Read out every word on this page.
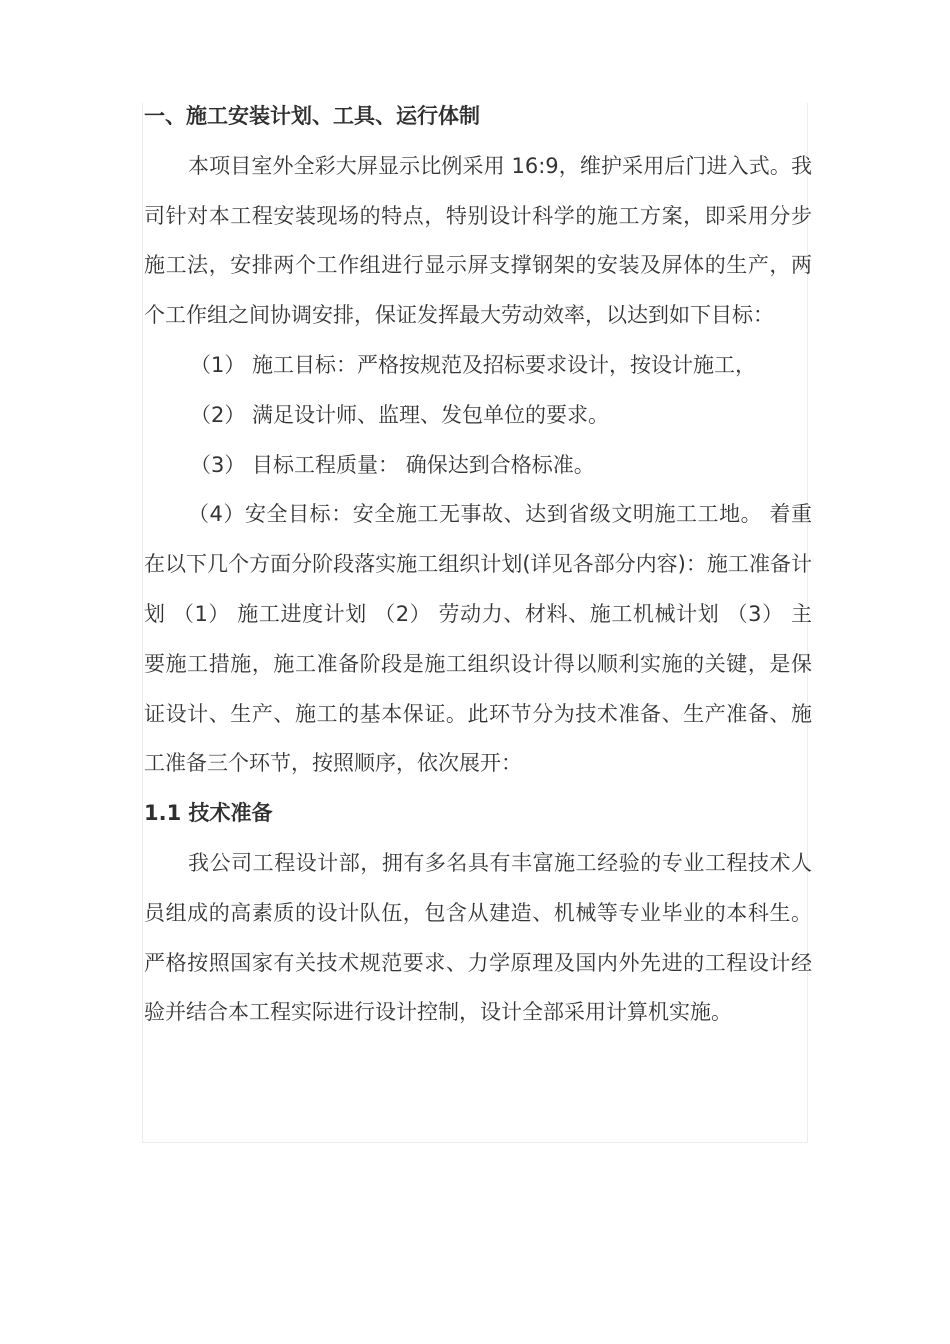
一、施工安装计划、工具、运行体制

本项目室外全彩大屏显示比例采用 16:9，维护采用后门进入式。我司针对本工程安装现场的特点，特别设计科学的施工方案，即采用分步施工法，安排两个工作组进行显示屏支撑钢架的安装及屏体的生产，两个工作组之间协调安排，保证发挥最大劳动效率，以达到如下目标：

（1） 施工目标：严格按规范及招标要求设计，按设计施工，

（2） 满足设计师、监理、发包单位的要求。

（3） 目标工程质量： 确保达到合格标准。

（4）安全目标：安全施工无事故、达到省级文明施工工地。 着重在以下几个方面分阶段落实施工组织计划(详见各部分内容)：施工准备计划 （1） 施工进度计划 （2） 劳动力、材料、施工机械计划 （3） 主要施工措施，施工准备阶段是施工组织设计得以顺利实施的关键，是保证设计、生产、施工的基本保证。此环节分为技术准备、生产准备、施工准备三个环节，按照顺序，依次展开：

1.1 技术准备

我公司工程设计部，拥有多名具有丰富施工经验的专业工程技术人员组成的高素质的设计队伍，包含从建造、机械等专业毕业的本科生。严格按照国家有关技术规范要求、力学原理及国内外先进的工程设计经验并结合本工程实际进行设计控制，设计全部采用计算机实施。
